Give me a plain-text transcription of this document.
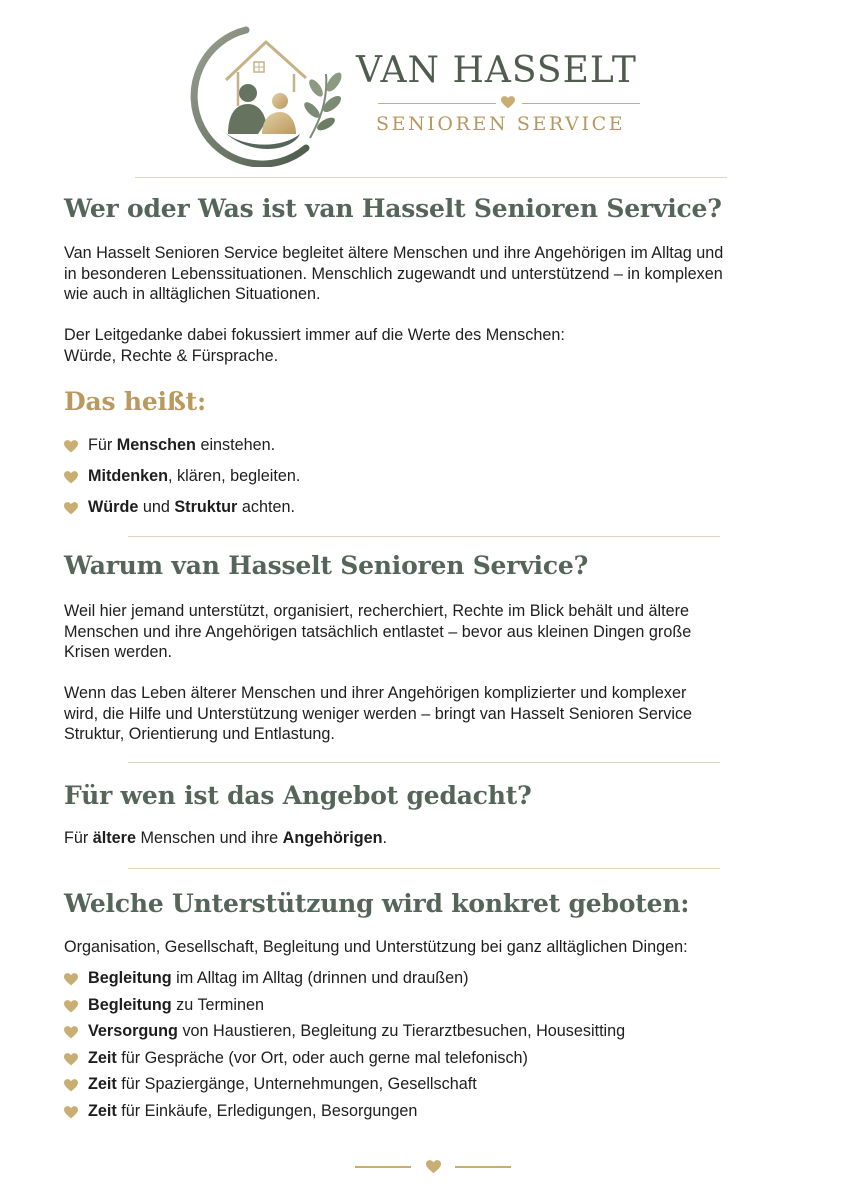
VAN HASSELT
SENIOREN SERVICE
Wer oder Was ist van Hasselt Senioren Service?

Van Hasselt Senioren Service begleitet ältere Menschen und ihre Angehörigen im Alltag und
in besonderen Lebenssituationen. Menschlich zugewandt und unterstützend – in komplexen
wie auch in alltäglichen Situationen.

Der Leitgedanke dabei fokussiert immer auf die Werte des Menschen:
Würde, Rechte & Fürsprache.

Das heißt:
Für Menschen einstehen.
Mitdenken, klären, begleiten.
Würde und Struktur achten.
Warum van Hasselt Senioren Service?

Weil hier jemand unterstützt, organisiert, recherchiert, Rechte im Blick behält und ältere
Menschen und ihre Angehörigen tatsächlich entlastet – bevor aus kleinen Dingen große
Krisen werden.

Wenn das Leben älterer Menschen und ihrer Angehörigen komplizierter und komplexer
wird, die Hilfe und Unterstützung weniger werden – bringt van Hasselt Senioren Service
Struktur, Orientierung und Entlastung.

Für wen ist das Angebot gedacht?

Für ältere Menschen und ihre Angehörigen.

Welche Unterstützung wird konkret geboten:

Organisation, Gesellschaft, Begleitung und Unterstützung bei ganz alltäglichen Dingen:

Begleitung im Alltag im Alltag (drinnen und draußen)
Begleitung zu Terminen
Versorgung von Haustieren, Begleitung zu Tierarztbesuchen, Housesitting
Zeit für Gespräche (vor Ort, oder auch gerne mal telefonisch)
Zeit für Spaziergänge, Unternehmungen, Gesellschaft
Zeit für Einkäufe, Erledigungen, Besorgungen
